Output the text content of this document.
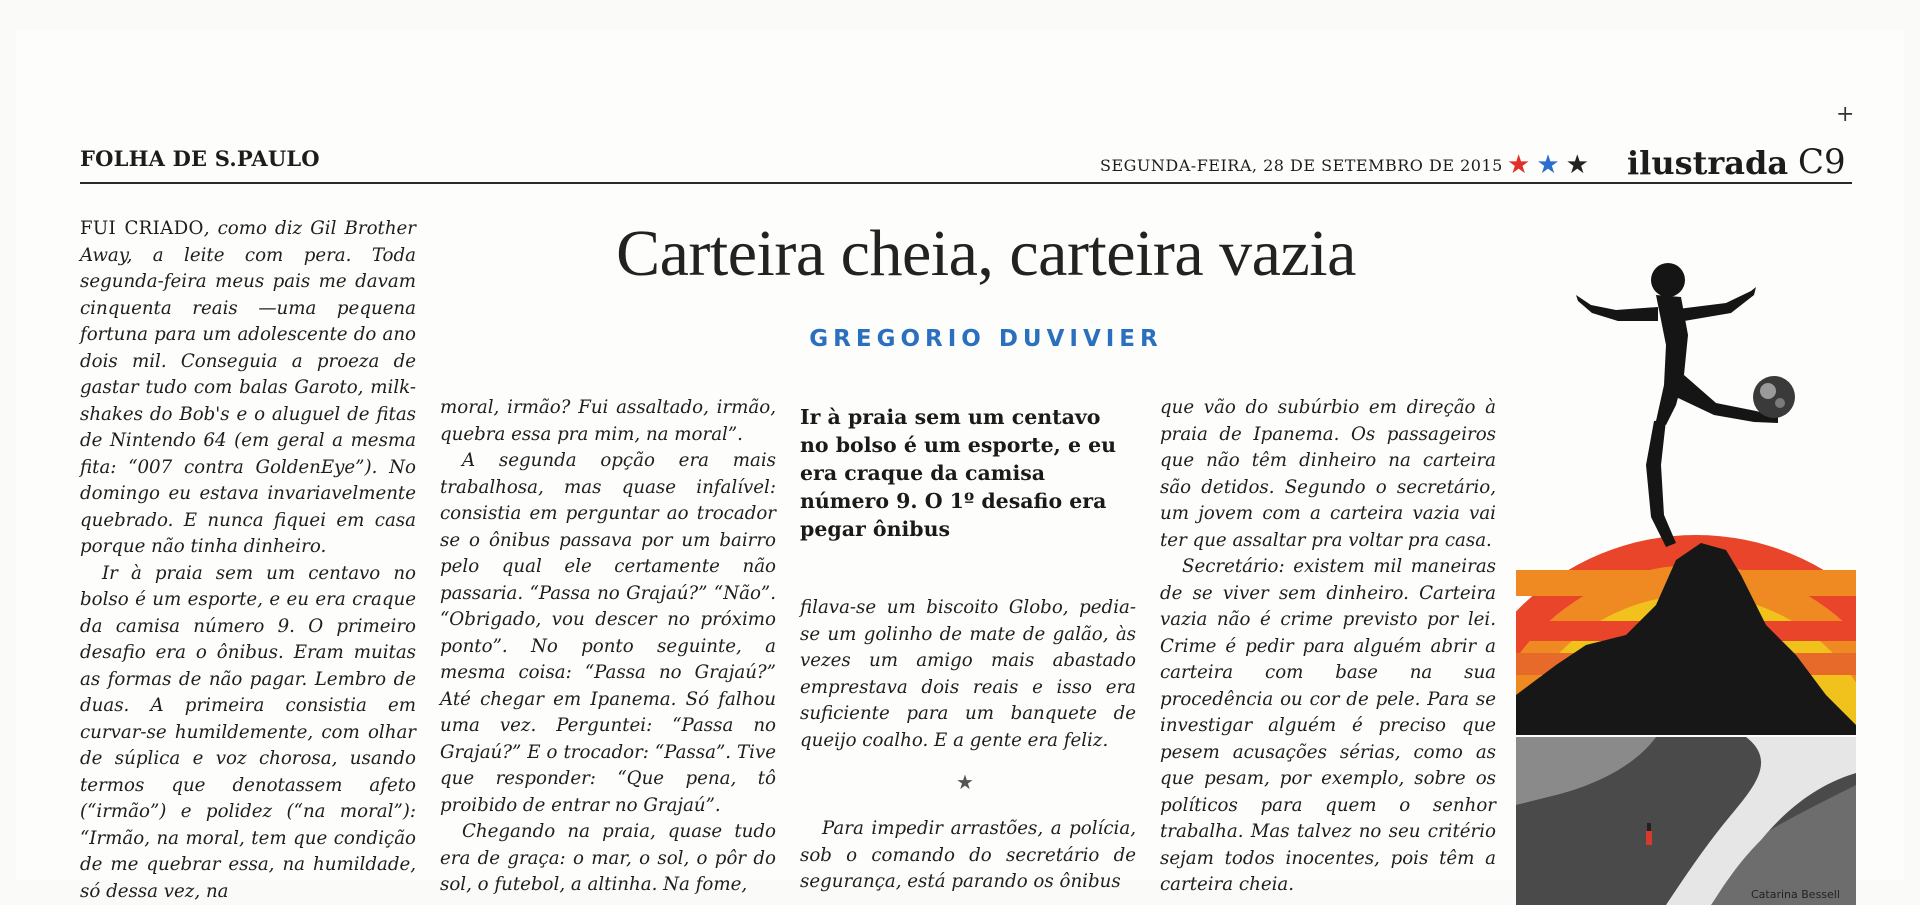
FOLHA DE S.PAULO	SEGUNDA-FEIRA, 28 DE SETEMBRO DE 2015 ★★★ ilustrada C9
+
Carteira cheia, carteira vazia
GREGORIO DUVIVIER

FUI CRIADO, como diz Gil Brother Away, a leite com pera. Toda segunda-feira meus pais me davam cinquenta reais —uma pequena fortuna para um adolescente do ano dois mil. Conseguia a proeza de gastar tudo com balas Garoto, milk-shakes do Bob's e o aluguel de fitas de Nintendo 64 (em geral a mesma fita: “007 contra GoldenEye”). No domingo eu estava invariavelmente quebrado. E nunca fiquei em casa porque não tinha dinheiro.

Ir à praia sem um centavo no bolso é um esporte, e eu era craque da camisa número 9. O primeiro desafio era o ônibus. Eram muitas as formas de não pagar. Lembro de duas. A primeira consistia em curvar-se humildemente, com olhar de súplica e voz chorosa, usando termos que denotassem afeto (“irmão”) e polidez (“na moral”): “Irmão, na moral, tem que condição de me quebrar essa, na humildade, só dessa vez, na

moral, irmão? Fui assaltado, irmão, quebra essa pra mim, na moral”.

A segunda opção era mais trabalhosa, mas quase infalível: consistia em perguntar ao trocador se o ônibus passava por um bairro pelo qual ele certamente não passaria. “Passa no Grajaú?” “Não”. “Obrigado, vou descer no próximo ponto”. No ponto seguinte, a mesma coisa: “Passa no Grajaú?” Até chegar em Ipanema. Só falhou uma vez. Perguntei: “Passa no Grajaú?” E o trocador: “Passa”. Tive que responder: “Que pena, tô proibido de entrar no Grajaú”.

Chegando na praia, quase tudo era de graça: o mar, o sol, o pôr do sol, o futebol, a altinha. Na fome,

Ir à praia sem um centavo no bolso é um esporte, e eu era craque da camisa número 9. O 1º desafio era pegar ônibus

filava-se um biscoito Globo, pedia-se um golinho de mate de galão, às vezes um amigo mais abastado emprestava dois reais e isso era suficiente para um banquete de queijo coalho. E a gente era feliz.

Para impedir arrastões, a polícia, sob o comando do secretário de segurança, está parando os ônibus

★

que vão do subúrbio em direção à praia de Ipanema. Os passageiros que não têm dinheiro na carteira são detidos. Segundo o secretário, um jovem com a carteira vazia vai ter que assaltar pra voltar pra casa.

Secretário: existem mil maneiras de se viver sem dinheiro. Carteira vazia não é crime previsto por lei. Crime é pedir para alguém abrir a carteira com base na sua procedência ou cor de pele. Para se investigar alguém é preciso que pesem acusações sérias, como as que pesam, por exemplo, sobre os políticos para quem o senhor trabalha. Mas talvez no seu critério sejam todos inocentes, pois têm a carteira cheia.	Catarina Bessell
